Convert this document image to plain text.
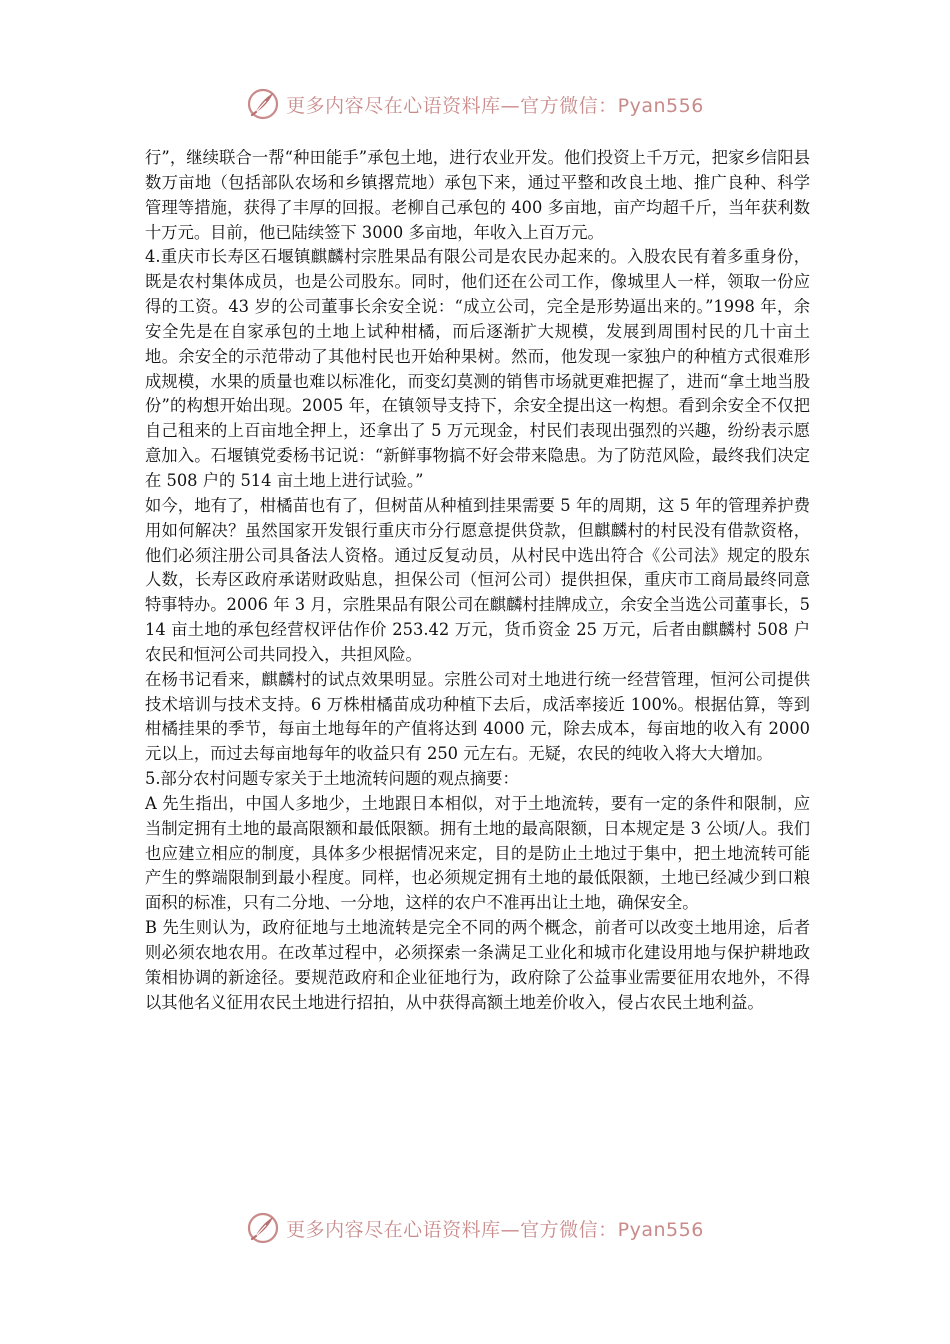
更多内容尽在心语资料库—官方微信：Pyan556

行”，继续联合一帮“种田能手”承包土地，进行农业开发。他们投资上千万元，把家乡信阳县数万亩地（包括部队农场和乡镇撂荒地）承包下来，通过平整和改良土地、推广良种、科学管理等措施，获得了丰厚的回报。老柳自己承包的 400 多亩地，亩产均超千斤，当年获利数十万元。目前，他已陆续签下 3000 多亩地，年收入上百万元。

4.重庆市长寿区石堰镇麒麟村宗胜果品有限公司是农民办起来的。入股农民有着多重身份，既是农村集体成员，也是公司股东。同时，他们还在公司工作，像城里人一样，领取一份应得的工资。43 岁的公司董事长余安全说：“成立公司，完全是形势逼出来的。”1998 年，余安全先是在自家承包的土地上试种柑橘，而后逐渐扩大规模，发展到周围村民的几十亩土地。余安全的示范带动了其他村民也开始种果树。然而，他发现一家独户的种植方式很难形成规模，水果的质量也难以标准化，而变幻莫测的销售市场就更难把握了，进而“拿土地当股份”的构想开始出现。2005 年，在镇领导支持下，余安全提出这一构想。看到余安全不仅把自己租来的上百亩地全押上，还拿出了 5 万元现金，村民们表现出强烈的兴趣，纷纷表示愿意加入。石堰镇党委杨书记说：“新鲜事物搞不好会带来隐患。为了防范风险，最终我们决定在 508 户的 514 亩土地上进行试验。”

如今，地有了，柑橘苗也有了，但树苗从种植到挂果需要 5 年的周期，这 5 年的管理养护费用如何解决？虽然国家开发银行重庆市分行愿意提供贷款，但麒麟村的村民没有借款资格，他们必须注册公司具备法人资格。通过反复动员，从村民中选出符合《公司法》规定的股东人数，长寿区政府承诺财政贴息，担保公司（恒河公司）提供担保，重庆市工商局最终同意特事特办。2006 年 3 月，宗胜果品有限公司在麒麟村挂牌成立，余安全当选公司董事长，514 亩土地的承包经营权评估作价 253.42 万元，货币资金 25 万元，后者由麒麟村 508 户农民和恒河公司共同投入，共担风险。

在杨书记看来，麒麟村的试点效果明显。宗胜公司对土地进行统一经营管理，恒河公司提供技术培训与技术支持。6 万株柑橘苗成功种植下去后，成活率接近 100%。根据估算，等到柑橘挂果的季节，每亩土地每年的产值将达到 4000 元，除去成本，每亩地的收入有 2000 元以上，而过去每亩地每年的收益只有 250 元左右。无疑，农民的纯收入将大大增加。

5.部分农村问题专家关于土地流转问题的观点摘要：

A 先生指出，中国人多地少，土地跟日本相似，对于土地流转，要有一定的条件和限制，应当制定拥有土地的最高限额和最低限额。拥有土地的最高限额，日本规定是 3 公顷/人。我们也应建立相应的制度，具体多少根据情况来定，目的是防止土地过于集中，把土地流转可能产生的弊端限制到最小程度。同样，也必须规定拥有土地的最低限额，土地已经减少到口粮面积的标准，只有二分地、一分地，这样的农户不准再出让土地，确保安全。

B 先生则认为，政府征地与土地流转是完全不同的两个概念，前者可以改变土地用途，后者则必须农地农用。在改革过程中，必须探索一条满足工业化和城市化建设用地与保护耕地政策相协调的新途径。要规范政府和企业征地行为，政府除了公益事业需要征用农地外，不得以其他名义征用农民土地进行招拍，从中获得高额土地差价收入，侵占农民土地利益。

更多内容尽在心语资料库—官方微信：Pyan556
